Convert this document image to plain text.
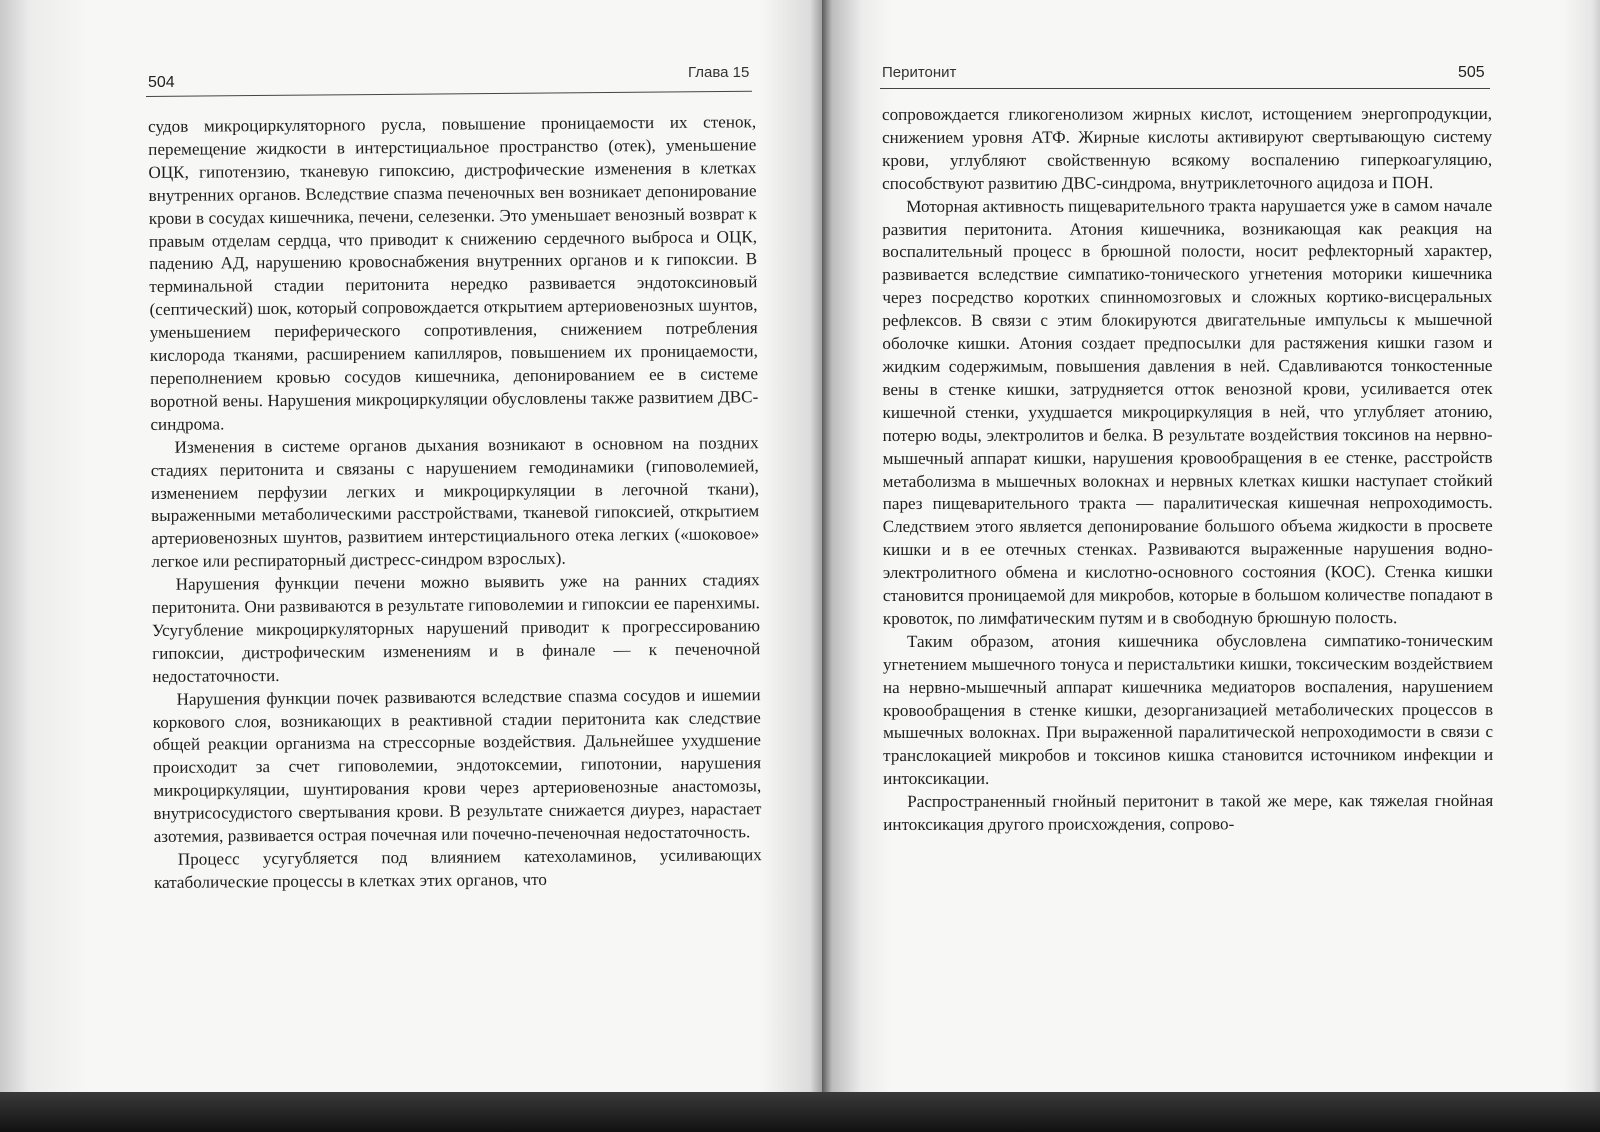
504
Глава 15

судов микроциркуляторного русла, повышение проницаемости их стенок, перемещение жидкости в интерстициальное пространство (отек), уменьшение ОЦК, гипотензию, тканевую гипоксию, дистрофические изменения в клетках внутренних органов. Вследствие спазма печеночных вен возникает депонирование крови в сосудах кишечника, печени, селезенки. Это уменьшает венозный возврат к правым отделам сердца, что приводит к снижению сердечного выброса и ОЦК, падению АД, нарушению кровоснабжения внутренних органов и к гипоксии. В терминальной стадии перитонита нередко развивается эндотоксиновый (септический) шок, который сопровождается открытием артериовенозных шунтов, уменьшением периферического сопротивления, снижением потребления кислорода тканями, расширением капилляров, повышением их проницаемости, переполнением кровью сосудов кишечника, депонированием ее в системе воротной вены. Нарушения микроциркуляции обусловлены также развитием ДВС-синдрома.

Изменения в системе органов дыхания возникают в основном на поздних стадиях перитонита и связаны с нарушением гемодинамики (гиповолемией, изменением перфузии легких и микроциркуляции в легочной ткани), выраженными метаболическими расстройствами, тканевой гипоксией, открытием артериовенозных шунтов, развитием интерстициального отека легких («шоковое» легкое или респираторный дистресс-синдром взрослых).

Нарушения функции печени можно выявить уже на ранних стадиях перитонита. Они развиваются в результате гиповолемии и гипоксии ее паренхимы. Усугубление микроциркуляторных нарушений приводит к прогрессированию гипоксии, дистрофическим изменениям и в финале — к печеночной недостаточности.

Нарушения функции почек развиваются вследствие спазма сосудов и ишемии коркового слоя, возникающих в реактивной стадии перитонита как следствие общей реакции организма на стрессорные воздействия. Дальнейшее ухудшение происходит за счет гиповолемии, эндотоксемии, гипотонии, нарушения микроциркуляции, шунтирования крови через артериовенозные анастомозы, внутрисосудистого свертывания крови. В результате снижается диурез, нарастает азотемия, развивается острая почечная или почечно-печеночная недостаточность.

Процесс усугубляется под влиянием катехоламинов, усиливающих катаболические процессы в клетках этих органов, что

Перитонит	505

сопровождается гликогенолизом жирных кислот, истощением энергопродукции, снижением уровня АТФ. Жирные кислоты активируют свертывающую систему крови, углубляют свойственную всякому воспалению гиперкоагуляцию, способствуют развитию ДВС-синдрома, внутриклеточного ацидоза и ПОН.

Моторная активность пищеварительного тракта нарушается уже в самом начале развития перитонита. Атония кишечника, возникающая как реакция на воспалительный процесс в брюшной полости, носит рефлекторный характер, развивается вследствие симпатико-тонического угнетения моторики кишечника через посредство коротких спинномозговых и сложных кортико-висцеральных рефлексов. В связи с этим блокируются двигательные импульсы к мышечной оболочке кишки. Атония создает предпосылки для растяжения кишки газом и жидким содержимым, повышения давления в ней. Сдавливаются тонкостенные вены в стенке кишки, затрудняется отток венозной крови, усиливается отек кишечной стенки, ухудшается микроциркуляция в ней, что углубляет атонию, потерю воды, электролитов и белка. В результате воздействия токсинов на нервно-мышечный аппарат кишки, нарушения кровообращения в ее стенке, расстройств метаболизма в мышечных волокнах и нервных клетках кишки наступает стойкий парез пищеварительного тракта — паралитическая кишечная непроходимость. Следствием этого является депонирование большого объема жидкости в просвете кишки и в ее отечных стенках. Развиваются выраженные нарушения водно-электролитного обмена и кислотно-основного состояния (КОС). Стенка кишки становится проницаемой для микробов, которые в большом количестве попадают в кровоток, по лимфатическим путям и в свободную брюшную полость.

Таким образом, атония кишечника обусловлена симпатико-тоническим угнетением мышечного тонуса и перистальтики кишки, токсическим воздействием на нервно-мышечный аппарат кишечника медиаторов воспаления, нарушением кровообращения в стенке кишки, дезорганизацией метаболических процессов в мышечных волокнах. При выраженной паралитической непроходимости в связи с транслокацией микробов и токсинов кишка становится источником инфекции и интоксикации.

Распространенный гнойный перитонит в такой же мере, как тяжелая гнойная интоксикация другого происхождения, сопрово-
